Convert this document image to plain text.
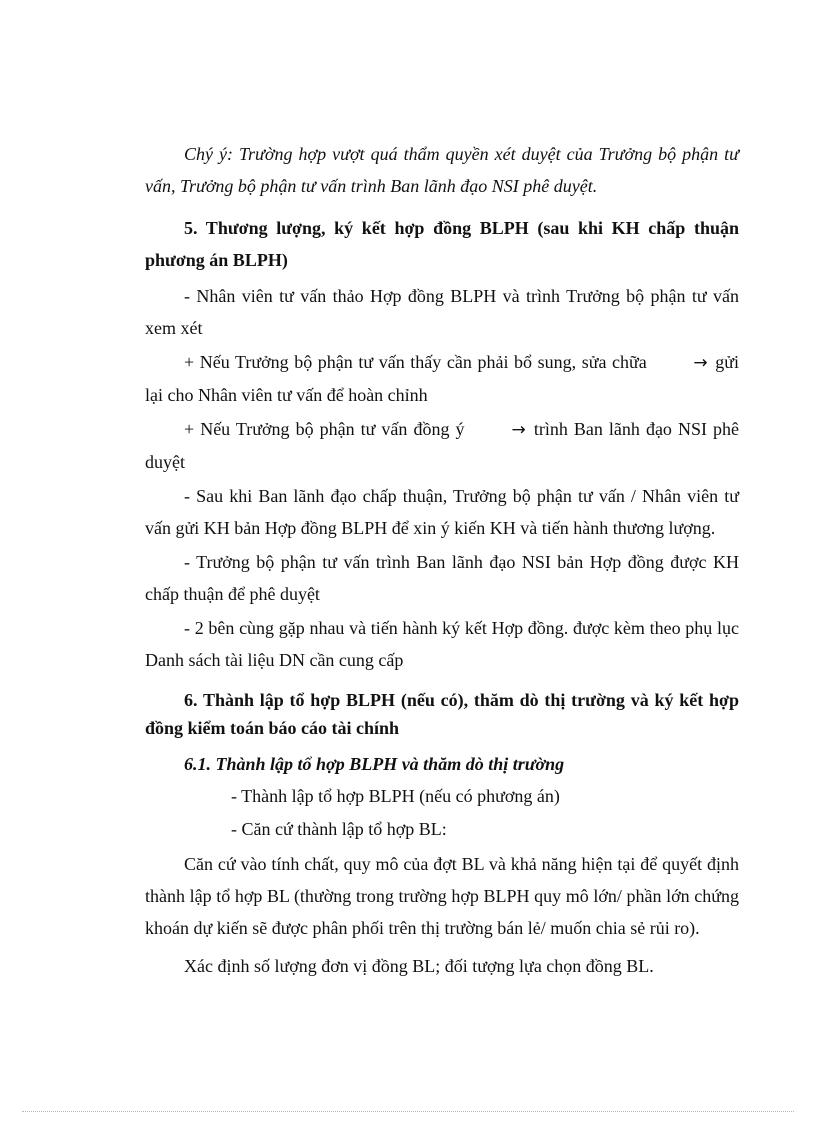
Chý ý: Trường hợp vượt quá thẩm quyền xét duyệt của Trưởng bộ phận tư vấn, Trưởng bộ phận tư vấn trình Ban lãnh đạo NSI phê duyệt.

5. Thương lượng, ký kết hợp đồng BLPH (sau khi KH chấp thuận phương án BLPH)

- Nhân viên tư vấn thảo Hợp đồng BLPH và trình Trưởng bộ phận tư vấn xem xét

+ Nếu Trưởng bộ phận tư vấn thấy cần phải bổ sung, sửa chữa	→ gửi lại cho Nhân viên tư vấn để hoàn chỉnh

+ Nếu Trưởng bộ phận tư vấn đồng ý	→ trình Ban lãnh đạo NSI phê duyệt

- Sau khi Ban lãnh đạo chấp thuận, Trưởng bộ phận tư vấn / Nhân viên tư vấn gửi KH bản Hợp đồng BLPH để xin ý kiến KH và tiến hành thương lượng.

- Trưởng bộ phận tư vấn trình Ban lãnh đạo NSI bản Hợp đồng được KH chấp thuận để phê duyệt

- 2 bên cùng gặp nhau và tiến hành ký kết Hợp đồng. được kèm theo phụ lục Danh sách tài liệu DN cần cung cấp

6. Thành lập tổ hợp BLPH (nếu có), thăm dò thị trường và ký kết hợp đồng kiểm toán báo cáo tài chính

6.1. Thành lập tổ hợp BLPH và thăm dò thị trường

- Thành lập tổ hợp BLPH (nếu có phương án)

- Căn cứ thành lập tổ hợp BL:

Căn cứ vào tính chất, quy mô của đợt BL và khả năng hiện tại để quyết định thành lập tổ hợp BL (thường trong trường hợp BLPH quy mô lớn/ phần lớn chứng khoán dự kiến sẽ được phân phối trên thị trường bán lẻ/ muốn chia sẻ rủi ro).

Xác định số lượng đơn vị đồng BL; đối tượng lựa chọn đồng BL.
